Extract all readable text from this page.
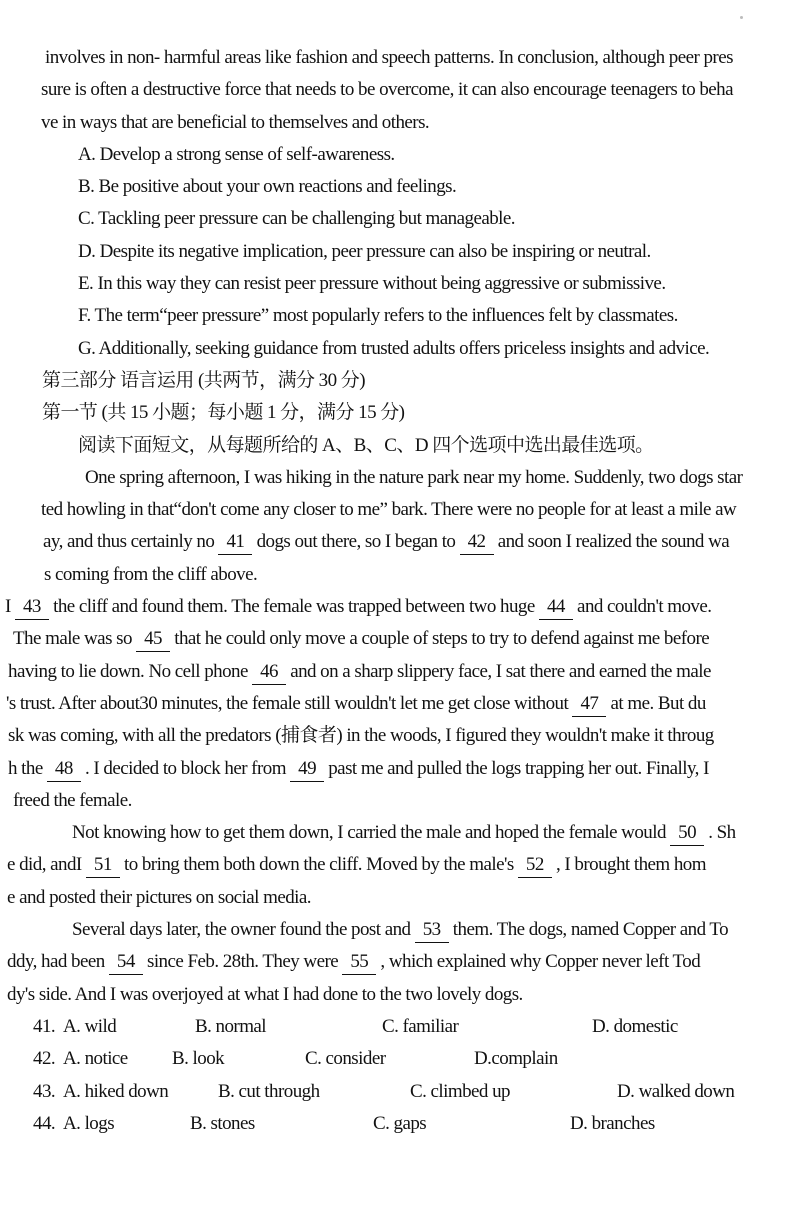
involves in non- harmful areas like fashion and speech patterns. In conclusion, although peer pres
sure is often a destructive force that needs to be overcome, it can also encourage teenagers to beha
ve in ways that are beneficial to themselves and others.
A. Develop a strong sense of self-awareness.
B. Be positive about your own reactions and feelings.
C. Tackling peer pressure can be challenging but manageable.
D. Despite its negative implication, peer pressure can also be inspiring or neutral.
E. In this way they can resist peer pressure without being aggressive or submissive.
F. The term“peer pressure” most popularly refers to the influences felt by classmates.
G. Additionally, seeking guidance from trusted adults offers priceless insights and advice.
第三部分 语言运用 (共两节，满分 30 分)
第一节 (共 15 小题；每小题 1 分，满分 15 分)
阅读下面短文，从每题所给的 A、B、C、D 四个选项中选出最佳选项。
One spring afternoon, I was hiking in the nature park near my home. Suddenly, two dogs star
ted howling in that“don't come any closer to me” bark. There were no people for at least a mile aw
ay, and thus certainly no 41 dogs out there, so I began to 42 and soon I realized the sound wa
s coming from the cliff above.
I 43 the cliff and found them. The female was trapped between two huge 44 and couldn't move.
The male was so 45 that he could only move a couple of steps to try to defend against me before
having to lie down. No cell phone 46 and on a sharp slippery face, I sat there and earned the male
's trust. After about30 minutes, the female still wouldn't let me get close without 47 at me. But du
sk was coming, with all the predators (捕食者) in the woods, I figured they wouldn't make it throug
h the 48 . I decided to block her from 49 past me and pulled the logs trapping her out. Finally, I
freed the female.
Not knowing how to get them down, I carried the male and hoped the female would 50 . Sh
e did, andI 51 to bring them both down the cliff. Moved by the male's 52 , I brought them hom
e and posted their pictures on social media.
Several days later, the owner found the post and 53 them. The dogs, named Copper and To
ddy, had been 54 since Feb. 28th. They were 55 , which explained why Copper never left Tod
dy's side. And I was overjoyed at what I had done to the two lovely dogs.
41. A. wild	B. normal	C. familiar	D. domestic
42. A. notice	B. look	C. consider	D.complain
43. A. hiked down	B. cut through	C. climbed up	D. walked down
44. A. logs	B. stones	C. gaps	D. branches
